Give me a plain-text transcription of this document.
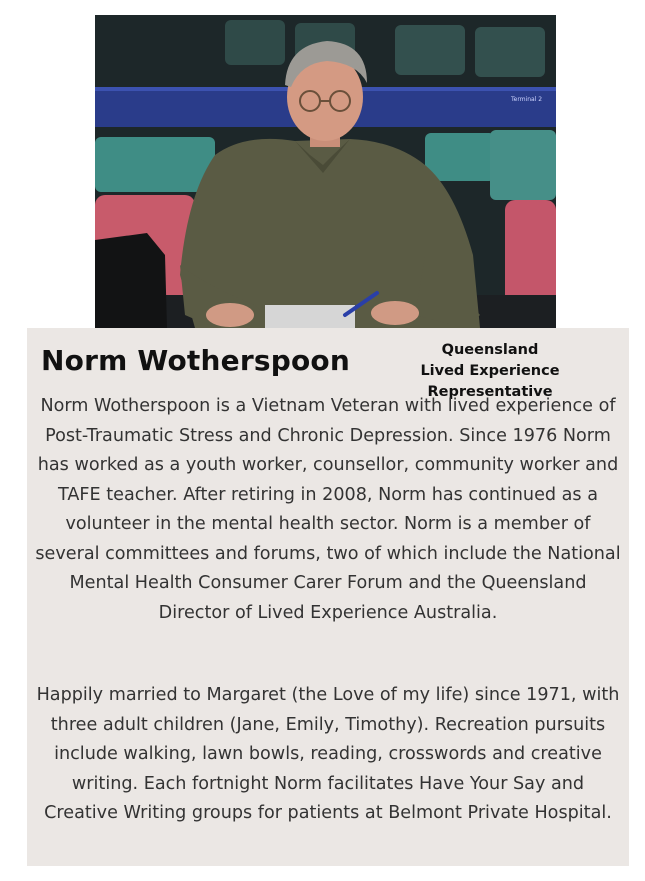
Terminal 2
Norm Wotherspoon	Queensland
Lived Experience Representative

Norm Wotherspoon is a Vietnam Veteran with lived experience of Post-Traumatic Stress and Chronic Depression. Since 1976 Norm has worked as a youth worker, counsellor, community worker and TAFE teacher. After retiring in 2008, Norm has continued as a volunteer in the mental health sector. Norm is a member of several committees and forums, two of which include the National Mental Health Consumer Carer Forum and the Queensland Director of Lived Experience Australia.

Happily married to Margaret (the Love of my life) since 1971, with three adult children (Jane, Emily, Timothy). Recreation pursuits include walking, lawn bowls, reading, crosswords and creative writing. Each fortnight Norm facilitates Have Your Say and Creative Writing groups for patients at Belmont Private Hospital.
